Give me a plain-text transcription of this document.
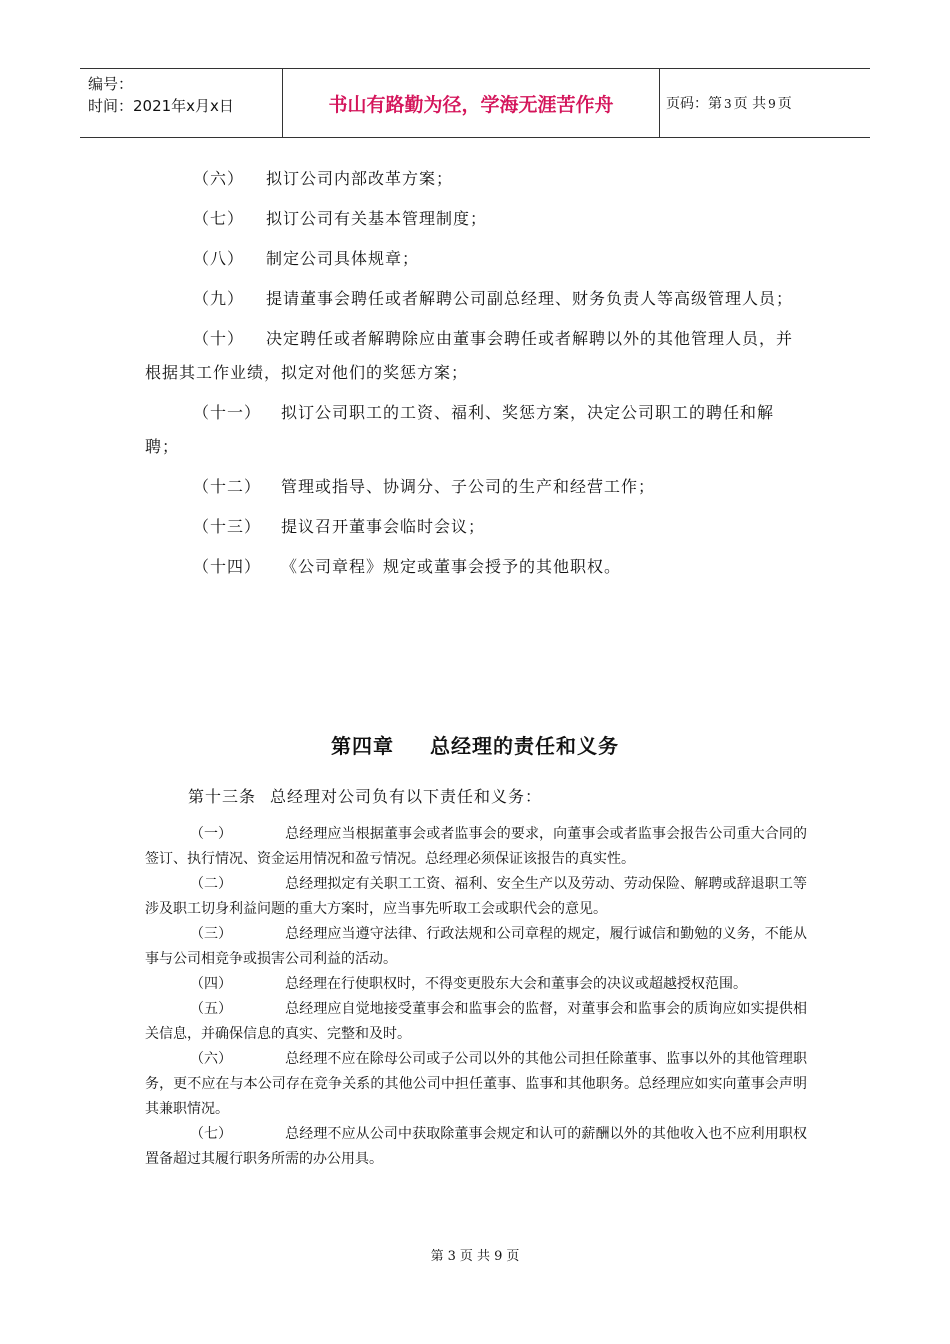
编号：
时间：2021年x月x日	书山有路勤为径，学海无涯苦作舟	页码：第 3 页 共 9 页
（六） 拟订公司内部改革方案；
（七） 拟订公司有关基本管理制度；
（八） 制定公司具体规章；
（九） 提请董事会聘任或者解聘公司副总经理、财务负责人等高级管理人员；
（十） 决定聘任或者解聘除应由董事会聘任或者解聘以外的其他管理人员，并根据其工作业绩，拟定对他们的奖惩方案；
（十一） 拟订公司职工的工资、福利、奖惩方案，决定公司职工的聘任和解聘；
（十二） 管理或指导、协调分、子公司的生产和经营工作；
（十三） 提议召开董事会临时会议；
（十四） 《公司章程》规定或董事会授予的其他职权。
第四章 总经理的责任和义务
第十三条 总经理对公司负有以下责任和义务：
（一）	总经理应当根据董事会或者监事会的要求，向董事会或者监事会报告公司重大合同的签订、执行情况、资金运用情况和盈亏情况。总经理必须保证该报告的真实性。
（二）	总经理拟定有关职工工资、福利、安全生产以及劳动、劳动保险、解聘或辞退职工等涉及职工切身利益问题的重大方案时，应当事先听取工会或职代会的意见。
（三）	总经理应当遵守法律、行政法规和公司章程的规定，履行诚信和勤勉的义务，不能从事与公司相竞争或损害公司利益的活动。
（四）	总经理在行使职权时，不得变更股东大会和董事会的决议或超越授权范围。
（五）	总经理应自觉地接受董事会和监事会的监督，对董事会和监事会的质询应如实提供相关信息，并确保信息的真实、完整和及时。
（六）	总经理不应在除母公司或子公司以外的其他公司担任除董事、监事以外的其他管理职务，更不应在与本公司存在竞争关系的其他公司中担任董事、监事和其他职务。总经理应如实向董事会声明其兼职情况。
（七）	总经理不应从公司中获取除董事会规定和认可的薪酬以外的其他收入也不应利用职权置备超过其履行职务所需的办公用具。
第 3 页 共 9 页
